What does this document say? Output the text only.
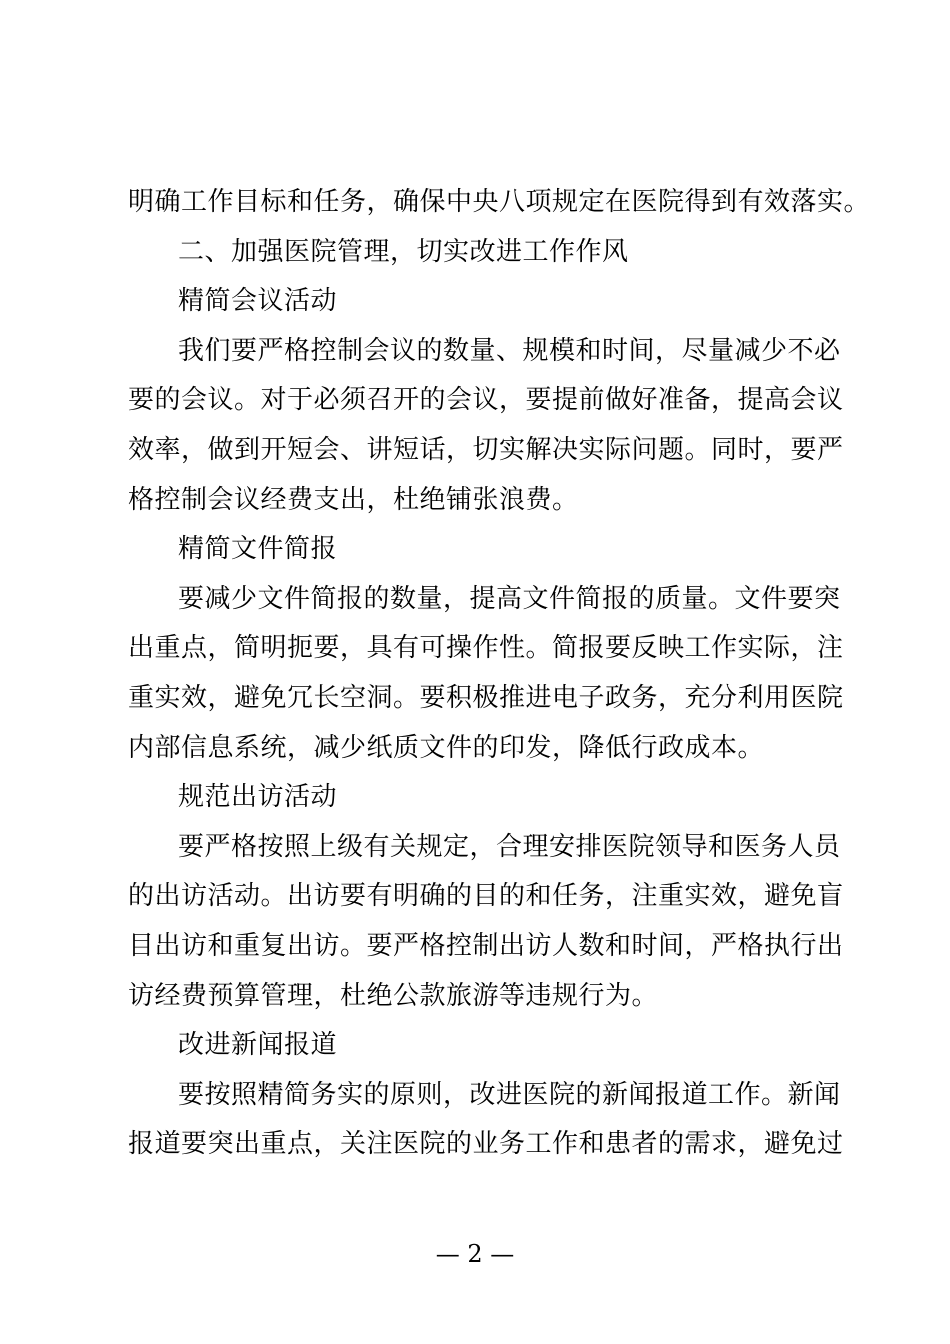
明确工作目标和任务，确保中央八项规定在医院得到有效落实。
二、加强医院管理，切实改进工作作风
精简会议活动
我们要严格控制会议的数量、规模和时间，尽量减少不必
要的会议。对于必须召开的会议，要提前做好准备，提高会议
效率，做到开短会、讲短话，切实解决实际问题。同时，要严
格控制会议经费支出，杜绝铺张浪费。
精简文件简报
要减少文件简报的数量，提高文件简报的质量。文件要突
出重点，简明扼要，具有可操作性。简报要反映工作实际，注
重实效，避免冗长空洞。要积极推进电子政务，充分利用医院
内部信息系统，减少纸质文件的印发，降低行政成本。
规范出访活动
要严格按照上级有关规定，合理安排医院领导和医务人员
的出访活动。出访要有明确的目的和任务，注重实效，避免盲
目出访和重复出访。要严格控制出访人数和时间，严格执行出
访经费预算管理，杜绝公款旅游等违规行为。
改进新闻报道
要按照精简务实的原则，改进医院的新闻报道工作。新闻
报道要突出重点，关注医院的业务工作和患者的需求，避免过
— 2 —
